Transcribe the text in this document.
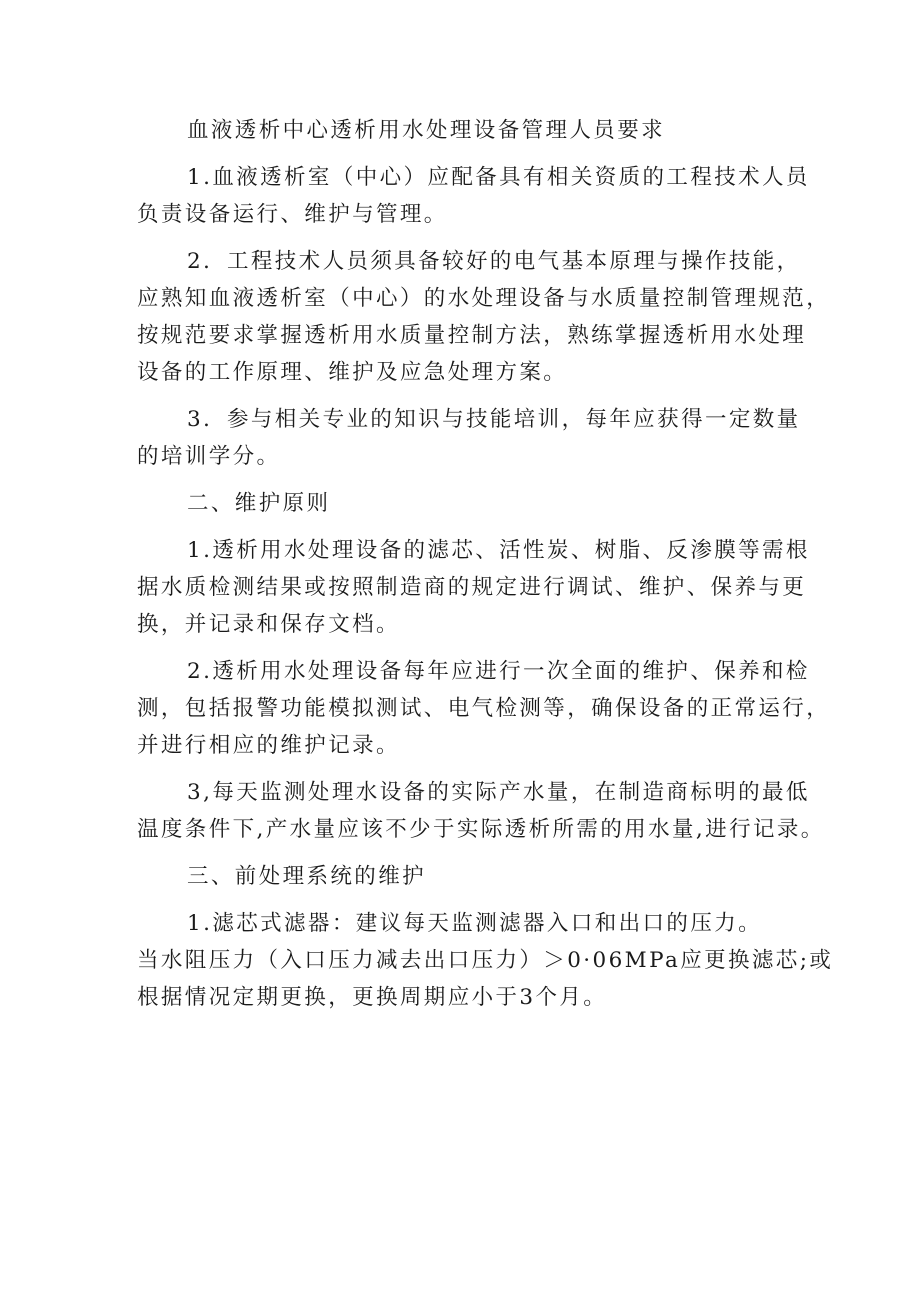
血液透析中心透析用水处理设备管理人员要求
1.血液透析室（中心）应配备具有相关资质的工程技术人员
负责设备运行、维护与管理。
2．工程技术人员须具备较好的电气基本原理与操作技能，
应熟知血液透析室（中心）的水处理设备与水质量控制管理规范，
按规范要求掌握透析用水质量控制方法，熟练掌握透析用水处理
设备的工作原理、维护及应急处理方案。
3．参与相关专业的知识与技能培训，每年应获得一定数量
的培训学分。
二、维护原则
1.透析用水处理设备的滤芯、活性炭、树脂、反渗膜等需根
据水质检测结果或按照制造商的规定进行调试、维护、保养与更
换，并记录和保存文档。
2.透析用水处理设备每年应进行一次全面的维护、保养和检
测，包括报警功能模拟测试、电气检测等，确保设备的正常运行，
并进行相应的维护记录。
3,每天监测处理水设备的实际产水量，在制造商标明的最低
温度条件下,产水量应该不少于实际透析所需的用水量,进行记录。
三、前处理系统的维护
1.滤芯式滤器：建议每天监测滤器入口和出口的压力。
当水阻压力（入口压力减去出口压力）＞0·06MPa应更换滤芯;或
根据情况定期更换，更换周期应小于3个月。
